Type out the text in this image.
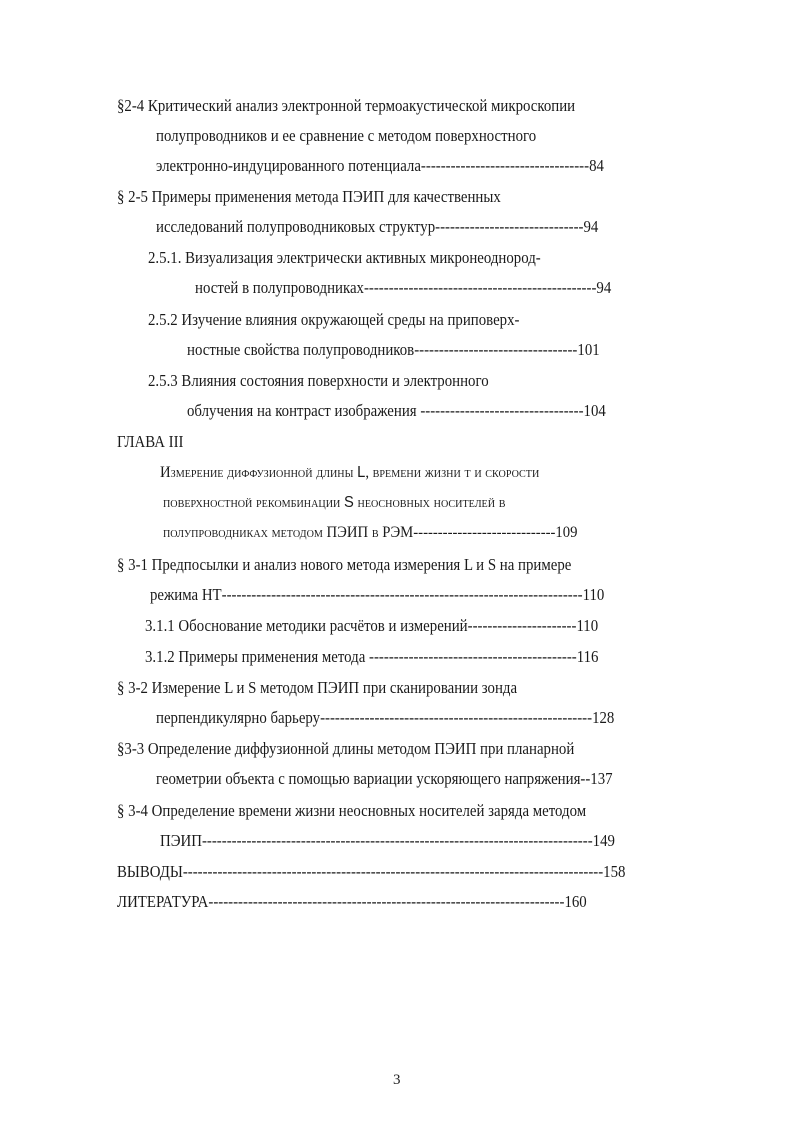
§2-4 Критический анализ электронной термоакустической микроскопии
полупроводников и ее сравнение с методом поверхностного
электронно-индуцированного потенциала----------------------------------84
§ 2-5 Примеры применения метода ПЭИП для качественных
исследований полупроводниковых структур------------------------------94
2.5.1. Визуализация электрически активных микронеоднород-
ностей в полупроводниках-----------------------------------------------94
2.5.2 Изучение влияния окружающей среды на приповерх-
ностные свойства полупроводников---------------------------------101
2.5.3 Влияния состояния поверхности и электронного
облучения на контраст изображения ---------------------------------104
ГЛАВА III
Измерение диффузионной длины L, времени жизни τ и скорости
поверхностной рекомбинации S неосновных носителей в
полупроводниках методом ПЭИП в РЭМ-----------------------------109
§ 3-1 Предпосылки и анализ нового метода измерения L и S на примере
режима НТ-------------------------------------------------------------------------110
3.1.1 Обоснование методики расчётов и измерений----------------------110
3.1.2 Примеры применения метода ------------------------------------------116
§ 3-2 Измерение L и S методом ПЭИП при сканировании зонда
перпендикулярно барьеру-------------------------------------------------------128
§3-3 Определение диффузионной длины методом ПЭИП при планарной
геометрии объекта с помощью вариации ускоряющего напряжения--137
§ 3-4 Определение времени жизни неосновных носителей заряда методом
ПЭИП-------------------------------------------------------------------------------149
ВЫВОДЫ-------------------------------------------------------------------------------------158
ЛИТЕРАТУРА------------------------------------------------------------------------160
3
